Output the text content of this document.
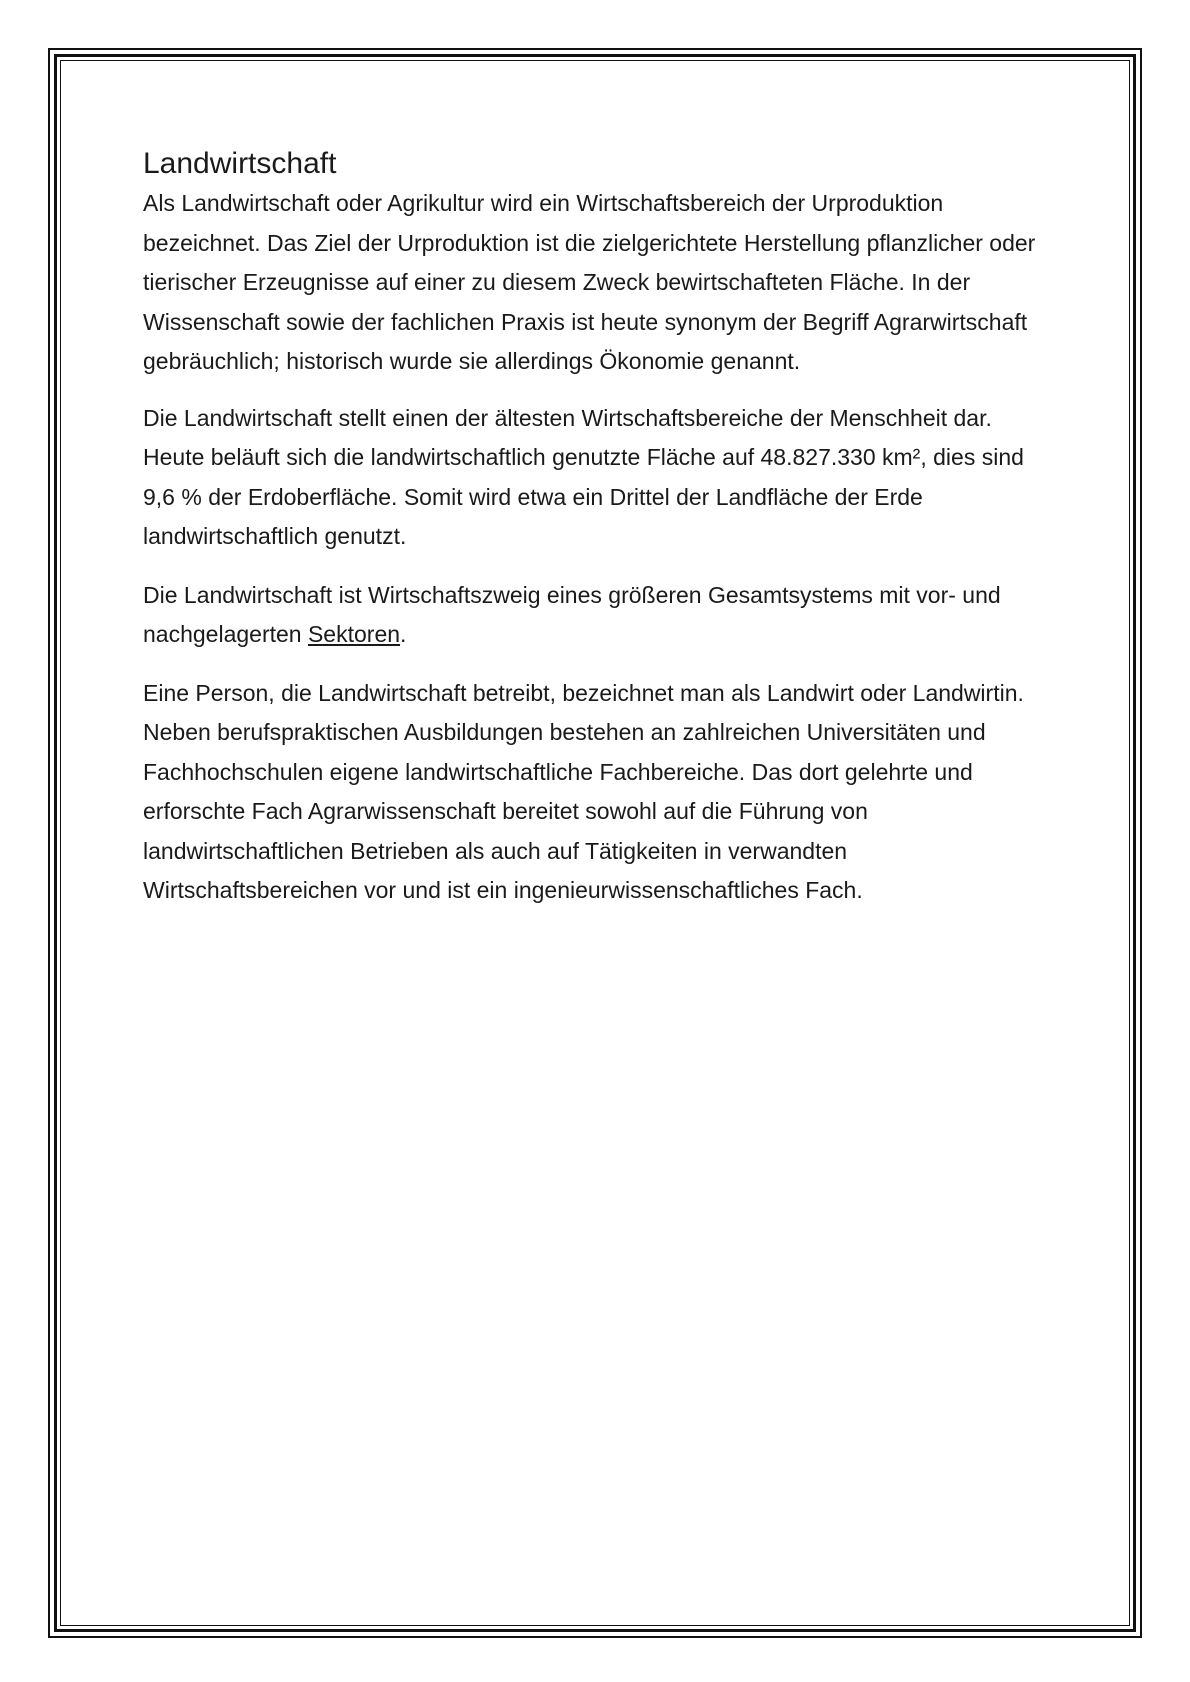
Landwirtschaft

Als Landwirtschaft oder Agrikultur wird ein Wirtschaftsbereich der Urproduktion bezeichnet. Das Ziel der Urproduktion ist die zielgerichtete Herstellung pflanzlicher oder tierischer Erzeugnisse auf einer zu diesem Zweck bewirtschafteten Fläche. In der Wissenschaft sowie der fachlichen Praxis ist heute synonym der Begriff Agrarwirtschaft gebräuchlich; historisch wurde sie allerdings Ökonomie genannt.

Die Landwirtschaft stellt einen der ältesten Wirtschaftsbereiche der Menschheit dar. Heute beläuft sich die landwirtschaftlich genutzte Fläche auf 48.827.330 km², dies sind 9,6 % der Erdoberfläche. Somit wird etwa ein Drittel der Landfläche der Erde landwirtschaftlich genutzt.

Die Landwirtschaft ist Wirtschaftszweig eines größeren Gesamtsystems mit vor- und nachgelagerten Sektoren.

Eine Person, die Landwirtschaft betreibt, bezeichnet man als Landwirt oder Landwirtin. Neben berufspraktischen Ausbildungen bestehen an zahlreichen Universitäten und Fachhochschulen eigene landwirtschaftliche Fachbereiche. Das dort gelehrte und erforschte Fach Agrarwissenschaft bereitet sowohl auf die Führung von landwirtschaftlichen Betrieben als auch auf Tätigkeiten in verwandten Wirtschaftsbereichen vor und ist ein ingenieurwissenschaftliches Fach.
